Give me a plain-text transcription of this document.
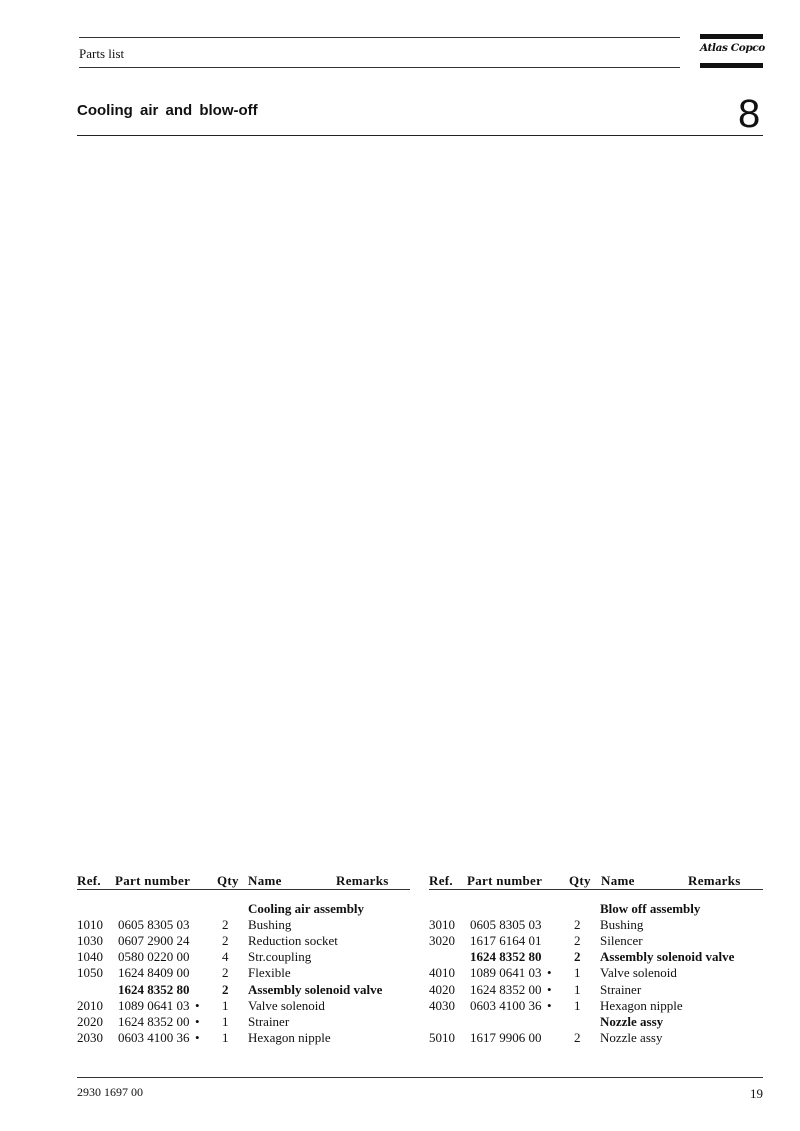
Parts list	Atlas Copco
Cooling air and blow-off	8
Ref. Part number Qty Name	Remarks	Ref. Part number Qty Name	Remarks
Cooling air assembly
1010 0605 8305 03	2 Bushing
1030 0607 2900 24	2 Reduction socket
1040 0580 0220 00	4 Str.coupling
1050 1624 8409 00	2 Flexible
1624 8352 80	2 Assembly solenoid valve
2010 1089 0641 03 • 1 Valve solenoid
2020 1624 8352 00 • 1 Strainer
2030 0603 4100 36 • 1 Hexagon nipple
Blow off assembly
3010 0605 8305 03	2 Bushing
3020 1617 6164 01	2 Silencer
1624 8352 80	2 Assembly solenoid valve
4010 1089 0641 03 • 1 Valve solenoid
4020 1624 8352 00 • 1 Strainer
4030 0603 4100 36 • 1 Hexagon nipple
Nozzle assy
5010 1617 9906 00	2 Nozzle assy
2930 1697 00	19
